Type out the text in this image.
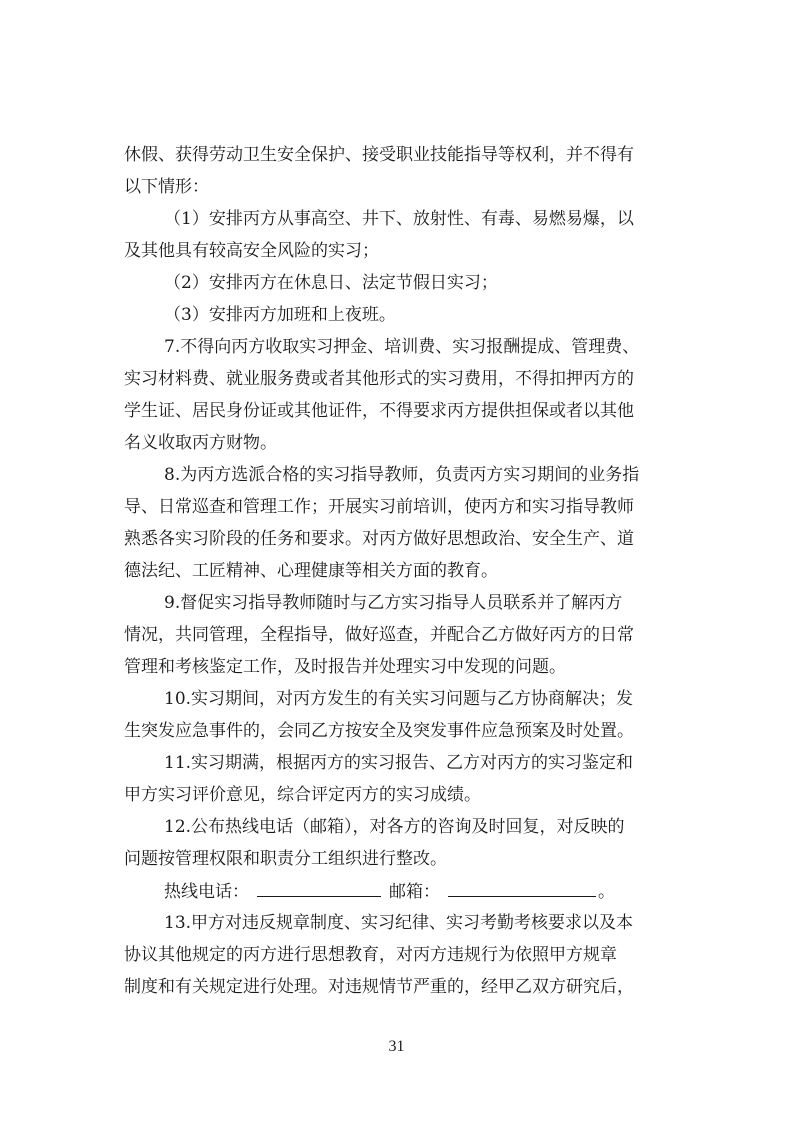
休假、获得劳动卫生安全保护、接受职业技能指导等权利，并不得有
以下情形：
（1）安排丙方从事高空、井下、放射性、有毒、易燃易爆，以
及其他具有较高安全风险的实习；
（2）安排丙方在休息日、法定节假日实习；
（3）安排丙方加班和上夜班。
7.不得向丙方收取实习押金、培训费、实习报酬提成、管理费、
实习材料费、就业服务费或者其他形式的实习费用，不得扣押丙方的
学生证、居民身份证或其他证件，不得要求丙方提供担保或者以其他
名义收取丙方财物。
8.为丙方选派合格的实习指导教师，负责丙方实习期间的业务指
导、日常巡查和管理工作；开展实习前培训，使丙方和实习指导教师
熟悉各实习阶段的任务和要求。对丙方做好思想政治、安全生产、道
德法纪、工匠精神、心理健康等相关方面的教育。
9.督促实习指导教师随时与乙方实习指导人员联系并了解丙方
情况，共同管理，全程指导，做好巡查，并配合乙方做好丙方的日常
管理和考核鉴定工作，及时报告并处理实习中发现的问题。
10.实习期间，对丙方发生的有关实习问题与乙方协商解决；发
生突发应急事件的，会同乙方按安全及突发事件应急预案及时处置。
11.实习期满，根据丙方的实习报告、乙方对丙方的实习鉴定和
甲方实习评价意见，综合评定丙方的实习成绩。
12.公布热线电话（邮箱），对各方的咨询及时回复，对反映的
问题按管理权限和职责分工组织进行整改。
热线电话：	邮箱：	。
13.甲方对违反规章制度、实习纪律、实习考勤考核要求以及本
协议其他规定的丙方进行思想教育，对丙方违规行为依照甲方规章
制度和有关规定进行处理。对违规情节严重的，经甲乙双方研究后，
31
